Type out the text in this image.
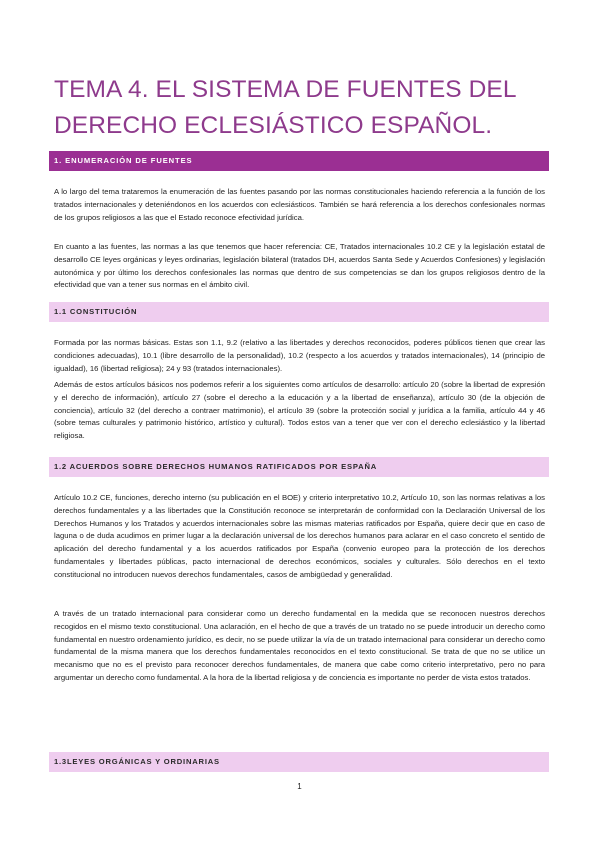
TEMA 4. EL SISTEMA DE FUENTES DEL DERECHO ECLESIÁSTICO ESPAÑOL.
1. ENUMERACIÓN DE FUENTES

A lo largo del tema trataremos la enumeración de las fuentes pasando por las normas constitucionales haciendo referencia a la función de los tratados internacionales y deteniéndonos en los acuerdos con eclesiásticos. También se hará referencia a los derechos confesionales normas de los grupos religiosos a las que el Estado reconoce efectividad jurídica.

En cuanto a las fuentes, las normas a las que tenemos que hacer referencia: CE, Tratados internacionales 10.2 CE y la legislación estatal de desarrollo CE leyes orgánicas y leyes ordinarias, legislación bilateral (tratados DH, acuerdos Santa Sede y Acuerdos Confesiones) y legislación autonómica y por último los derechos confesionales las normas que dentro de sus competencias se dan los grupos religiosos dentro de la efectividad que van a tener sus normas en el ámbito civil.

1.1 CONSTITUCIÓN

Formada por las normas básicas. Estas son 1.1, 9.2 (relativo a las libertades y derechos reconocidos, poderes públicos tienen que crear las condiciones adecuadas), 10.1 (libre desarrollo de la personalidad), 10.2 (respecto a los acuerdos y tratados internacionales), 14 (principio de igualdad), 16 (libertad religiosa); 24 y 93 (tratados internacionales).

Además de estos artículos básicos nos podemos referir a los siguientes como artículos de desarrollo: artículo 20 (sobre la libertad de expresión y el derecho de información), artículo 27 (sobre el derecho a la educación y a la libertad de enseñanza), artículo 30 (de la objeción de conciencia), artículo 32 (del derecho a contraer matrimonio), el artículo 39 (sobre la protección social y jurídica a la familia, artículo 44 y 46 (sobre temas culturales y patrimonio histórico, artístico y cultural). Todos estos van a tener que ver con el derecho eclesiástico y la libertad religiosa.

1.2 ACUERDOS SOBRE DERECHOS HUMANOS RATIFICADOS POR ESPAÑA

Artículo 10.2 CE, funciones, derecho interno (su publicación en el BOE) y criterio interpretativo 10.2, Artículo 10, son las normas relativas a los derechos fundamentales y a las libertades que la Constitución reconoce se interpretarán de conformidad con la Declaración Universal de los Derechos Humanos y los Tratados y acuerdos internacionales sobre las mismas materias ratificados por España, quiere decir que en caso de laguna o de duda acudimos en primer lugar a la declaración universal de los derechos humanos para aclarar en el caso concreto el sentido de aplicación del derecho fundamental y a los acuerdos ratificados por España (convenio europeo para la protección de los derechos fundamentales y libertades públicas, pacto internacional de derechos económicos, sociales y culturales. Sólo derechos en el texto constitucional no introducen nuevos derechos fundamentales, casos de ambigüedad y generalidad.

A través de un tratado internacional para considerar como un derecho fundamental en la medida que se reconocen nuestros derechos recogidos en el mismo texto constitucional. Una aclaración, en el hecho de que a través de un tratado no se puede introducir un derecho como fundamental en nuestro ordenamiento jurídico, es decir, no se puede utilizar la vía de un tratado internacional para considerar un derecho como fundamental de la misma manera que los derechos fundamentales reconocidos en el texto constitucional. Se trata de que no se utilice un mecanismo que no es el previsto para reconocer derechos fundamentales, de manera que cabe como criterio interpretativo, pero no para argumentar un derecho como fundamental. A la hora de la libertad religiosa y de conciencia es importante no perder de vista estos tratados.

1.3LEYES ORGÁNICAS Y ORDINARIAS
1
